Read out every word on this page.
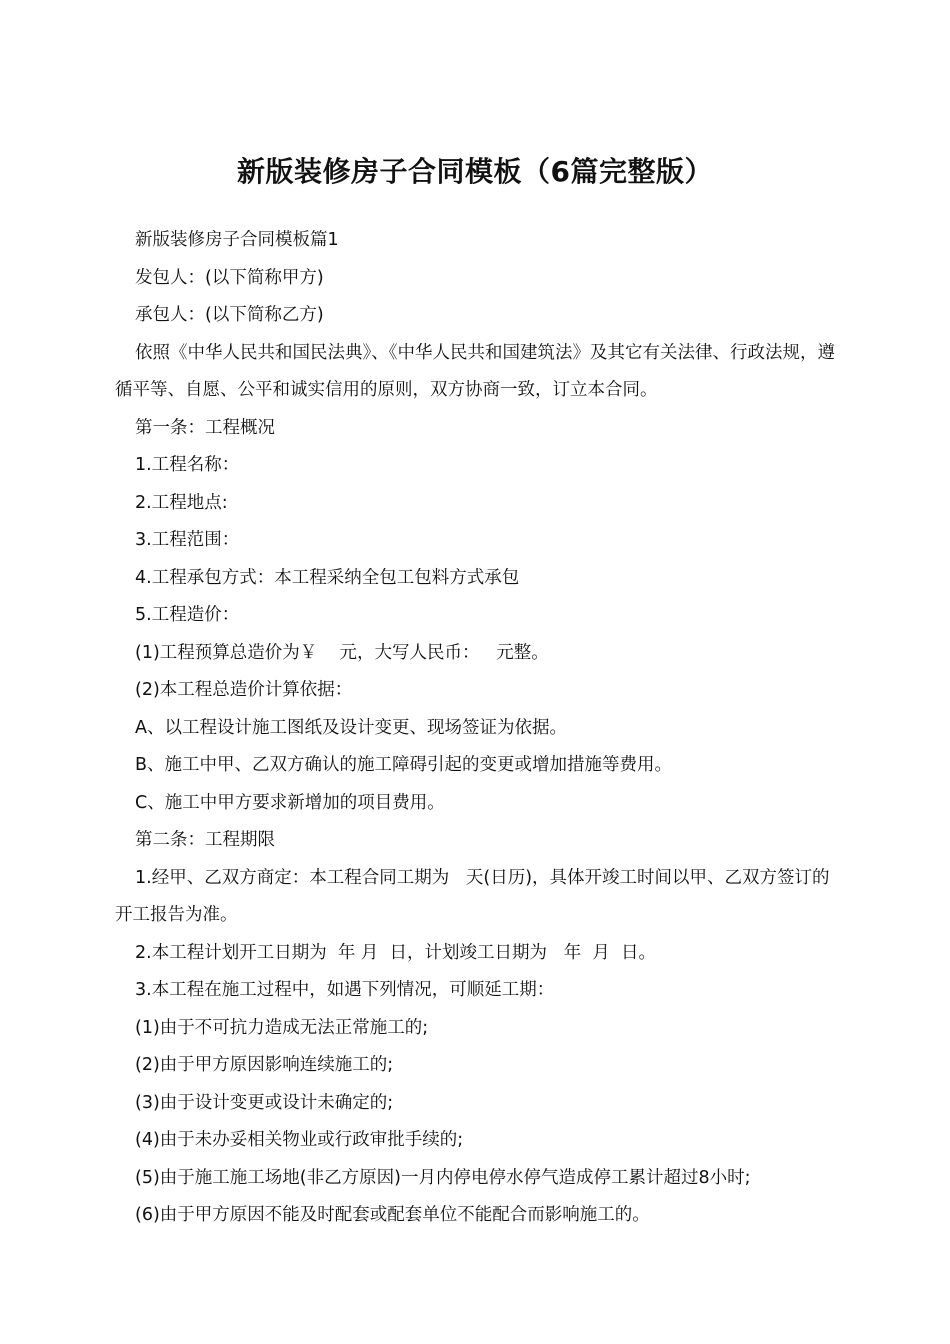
新版装修房子合同模板（6篇完整版）

新版装修房子合同模板篇1

发包人：(以下简称甲方)

承包人：(以下简称乙方)

依照《中华人民共和国民法典》、《中华人民共和国建筑法》及其它有关法律、行政法规，遵循平等、自愿、公平和诚实信用的原则，双方协商一致，订立本合同。

第一条：工程概况

1.工程名称：

2.工程地点:

3.工程范围：

4.工程承包方式：本工程采纳全包工包料方式承包

5.工程造价：

(1)工程预算总造价为￥    元，大写人民币：   元整。

(2)本工程总造价计算依据：

A、以工程设计施工图纸及设计变更、现场签证为依据。

B、施工中甲、乙双方确认的施工障碍引起的变更或增加措施等费用。

C、施工中甲方要求新增加的项目费用。

第二条：工程期限

1.经甲、乙双方商定：本工程合同工期为   天(日历)，具体开竣工时间以甲、乙双方签订的开工报告为准。

2.本工程计划开工日期为  年 月  日，计划竣工日期为   年  月  日。

3.本工程在施工过程中，如遇下列情况，可顺延工期：

(1)由于不可抗力造成无法正常施工的;

(2)由于甲方原因影响连续施工的;

(3)由于设计变更或设计未确定的;

(4)由于未办妥相关物业或行政审批手续的;

(5)由于施工施工场地(非乙方原因)一月内停电停水停气造成停工累计超过8小时;

(6)由于甲方原因不能及时配套或配套单位不能配合而影响施工的。
